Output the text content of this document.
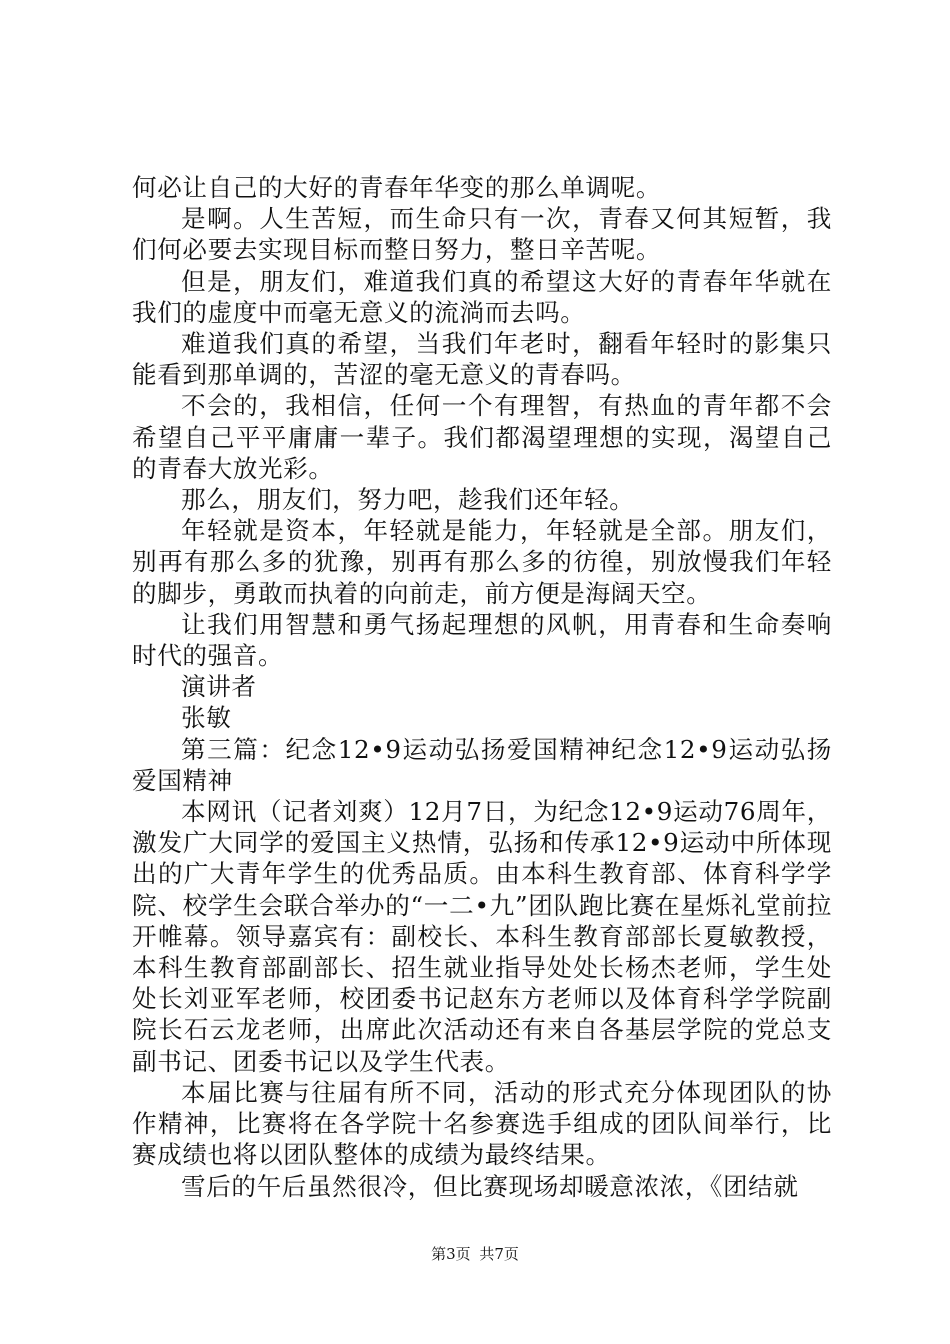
何必让自己的大好的青春年华变的那么单调呢。

是啊。人生苦短，而生命只有一次，青春又何其短暂，我们何必要去实现目标而整日努力，整日辛苦呢。

但是，朋友们，难道我们真的希望这大好的青春年华就在我们的虚度中而毫无意义的流淌而去吗。

难道我们真的希望，当我们年老时，翻看年轻时的影集只能看到那单调的，苦涩的毫无意义的青春吗。

不会的，我相信，任何一个有理智，有热血的青年都不会希望自己平平庸庸一辈子。我们都渴望理想的实现，渴望自己的青春大放光彩。

那么，朋友们，努力吧，趁我们还年轻。

年轻就是资本，年轻就是能力，年轻就是全部。朋友们，别再有那么多的犹豫，别再有那么多的彷徨，别放慢我们年轻的脚步，勇敢而执着的向前走，前方便是海阔天空。

让我们用智慧和勇气扬起理想的风帆，用青春和生命奏响时代的强音。

演讲者

张敏

第三篇：纪念12•9运动弘扬爱国精神纪念12•9运动弘扬爱国精神

本网讯（记者刘爽）12月7日，为纪念12•9运动76周年，激发广大同学的爱国主义热情，弘扬和传承12•9运动中所体现出的广大青年学生的优秀品质。由本科生教育部、体育科学学院、校学生会联合举办的“一二•九”团队跑比赛在星烁礼堂前拉开帷幕。领导嘉宾有：副校长、本科生教育部部长夏敏教授，本科生教育部副部长、招生就业指导处处长杨杰老师，学生处处长刘亚军老师，校团委书记赵东方老师以及体育科学学院副院长石云龙老师，出席此次活动还有来自各基层学院的党总支副书记、团委书记以及学生代表。

本届比赛与往届有所不同，活动的形式充分体现团队的协作精神，比赛将在各学院十名参赛选手组成的团队间举行，比赛成绩也将以团队整体的成绩为最终结果。

雪后的午后虽然很冷，但比赛现场却暖意浓浓，《团结就

第3页 共7页
